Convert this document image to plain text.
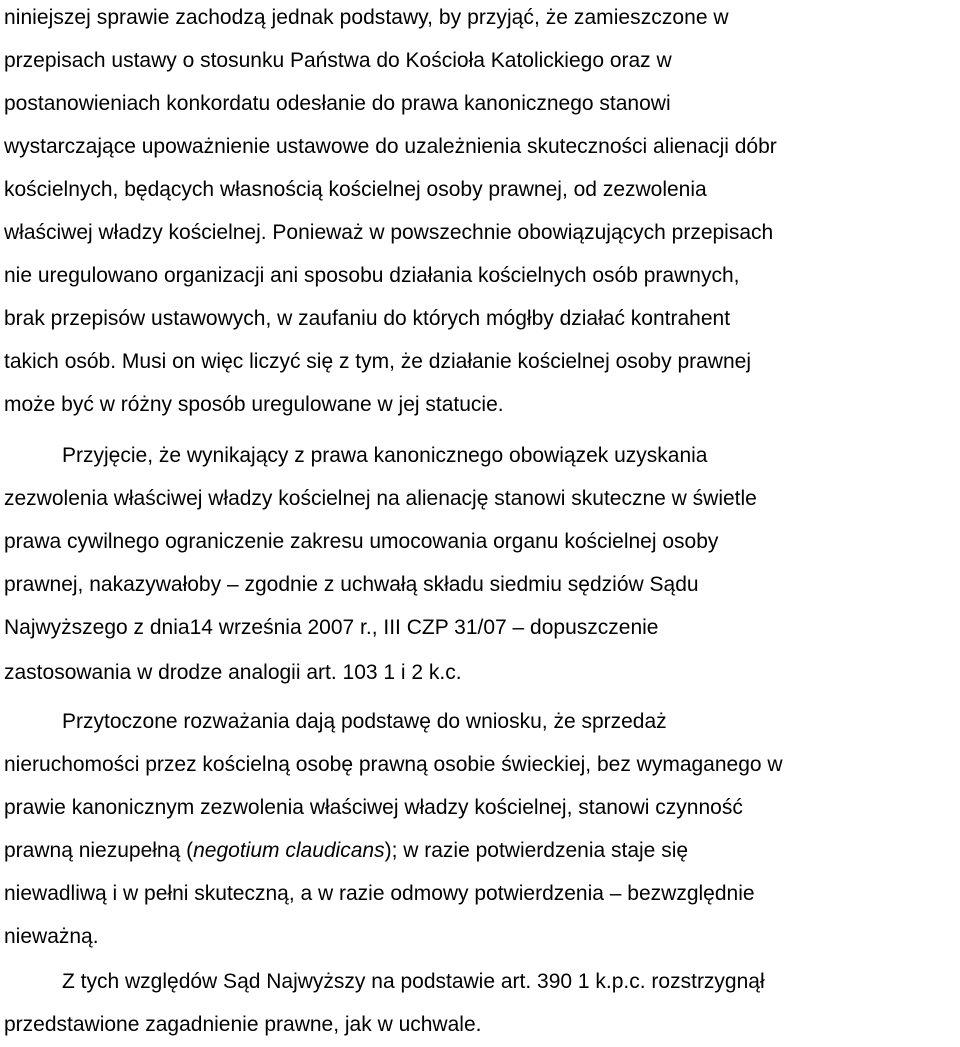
niniejszej sprawie zachodzą jednak podstawy, by przyjąć, że zamieszczone w
przepisach ustawy o stosunku Państwa do Kościoła Katolickiego oraz w
postanowieniach konkordatu odesłanie do prawa kanonicznego stanowi
wystarczające upoważnienie ustawowe do uzależnienia skuteczności alienacji dóbr
kościelnych, będących własnością kościelnej osoby prawnej, od zezwolenia
właściwej władzy kościelnej. Ponieważ w powszechnie obowiązujących przepisach
nie uregulowano organizacji ani sposobu działania kościelnych osób prawnych,
brak przepisów ustawowych, w zaufaniu do których mógłby działać kontrahent
takich osób. Musi on więc liczyć się z tym, że działanie kościelnej osoby prawnej
może być w różny sposób uregulowane w jej statucie.
Przyjęcie, że wynikający z prawa kanonicznego obowiązek uzyskania
zezwolenia właściwej władzy kościelnej na alienację stanowi skuteczne w świetle
prawa cywilnego ograniczenie zakresu umocowania organu kościelnej osoby
prawnej, nakazywałoby – zgodnie z uchwałą składu siedmiu sędziów Sądu
Najwyższego z dnia14 września 2007 r., III CZP 31/07 – dopuszczenie
zastosowania w drodze analogii art. 103 1 i 2 k.c.
Przytoczone rozważania dają podstawę do wniosku, że sprzedaż
nieruchomości przez kościelną osobę prawną osobie świeckiej, bez wymaganego w
prawie kanonicznym zezwolenia właściwej władzy kościelnej, stanowi czynność
prawną niezupełną (negotium claudicans); w razie potwierdzenia staje się
niewadliwą i w pełni skuteczną, a w razie odmowy potwierdzenia – bezwzględnie
nieważną.
Z tych względów Sąd Najwyższy na podstawie art. 390 1 k.p.c. rozstrzygnął
przedstawione zagadnienie prawne, jak w uchwale.
